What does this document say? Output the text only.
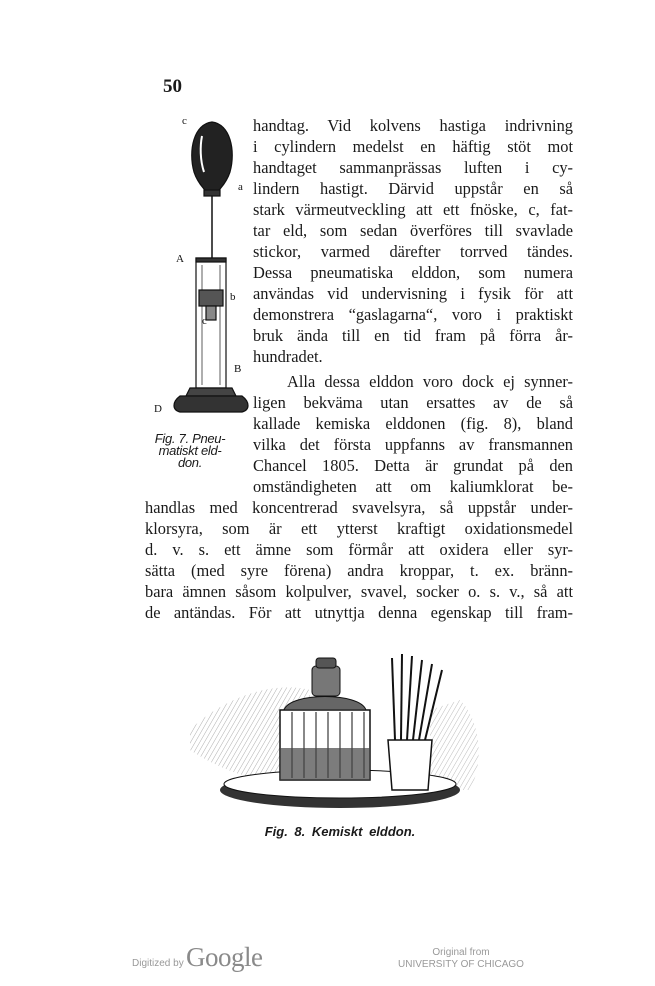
50
c
a
A
b
c
B
D
Fig. 7. Pneu-
matiskt eld-
don.
handtag. Vid kolvens hastiga indrivning
i cylindern medelst en häftig stöt mot
handtaget sammanprässas luften i cy-
lindern hastigt. Därvid uppstår en så
stark värmeutveckling att ett fnöske, c, fat-
tar eld, som sedan överföres till svavlade
stickor, varmed därefter torrved tändes.
Dessa pneumatiska elddon, som numera
användas vid undervisning i fysik för att
demonstrera “gaslagarna“, voro i praktiskt
bruk ända till en tid fram på förra år-
hundradet.
Alla dessa elddon voro dock ej synner-
ligen bekväma utan ersattes av de så
kallade kemiska elddonen (fig. 8), bland
vilka det första uppfanns av fransmannen
Chancel 1805. Detta är grundat på den
omständigheten att om kaliumklorat be-
handlas med koncentrerad svavelsyra, så uppstår under-
klorsyra, som är ett ytterst kraftigt oxidationsmedel
d. v. s. ett ämne som förmår att oxidera eller syr-
sätta (med syre förena) andra kroppar, t. ex. bränn-
bara ämnen såsom kolpulver, svavel, socker o. s. v., så att
de antändas. För att utnyttja denna egenskap till fram-
Fig. 8. Kemiskt elddon.
Digitized by Google	Original from
UNIVERSITY OF CHICAGO
